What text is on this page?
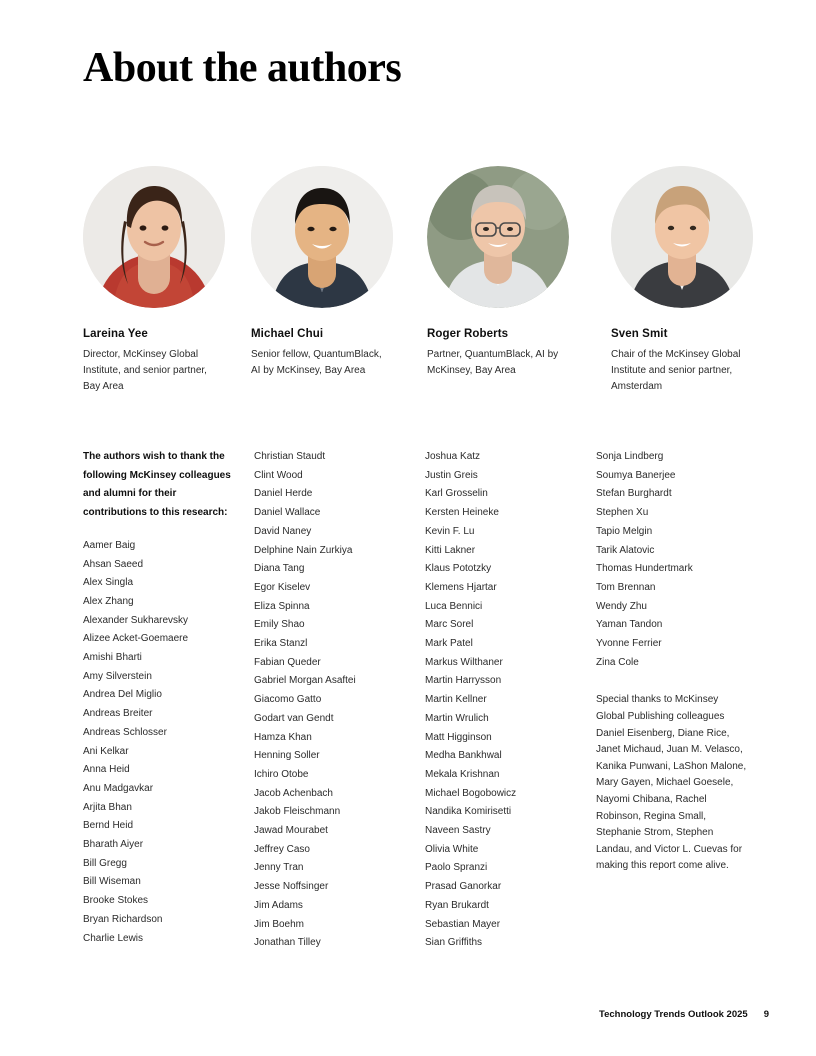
About the authors
Lareina Yee
Director, McKinsey Global Institute, and senior partner, Bay Area
Michael Chui
Senior fellow, QuantumBlack, AI by McKinsey, Bay Area
Roger Roberts
Partner, QuantumBlack, AI by McKinsey, Bay Area
Sven Smit
Chair of the McKinsey Global Institute and senior partner, Amsterdam
The authors wish to thank the following McKinsey colleagues and alumni for their contributions to this research:
Aamer Baig
Ahsan Saeed
Alex Singla
Alex Zhang
Alexander Sukharevsky
Alizee Acket-Goemaere
Amishi Bharti
Amy Silverstein
Andrea Del Miglio
Andreas Breiter
Andreas Schlosser
Ani Kelkar
Anna Heid
Anu Madgavkar
Arjita Bhan
Bernd Heid
Bharath Aiyer
Bill Gregg
Bill Wiseman
Brooke Stokes
Bryan Richardson
Charlie Lewis
Christian Staudt
Clint Wood
Daniel Herde
Daniel Wallace
David Naney
Delphine Nain Zurkiya
Diana Tang
Egor Kiselev
Eliza Spinna
Emily Shao
Erika Stanzl
Fabian Queder
Gabriel Morgan Asaftei
Giacomo Gatto
Godart van Gendt
Hamza Khan
Henning Soller
Ichiro Otobe
Jacob Achenbach
Jakob Fleischmann
Jawad Mourabet
Jeffrey Caso
Jenny Tran
Jesse Noffsinger
Jim Adams
Jim Boehm
Jonathan Tilley
Joshua Katz
Justin Greis
Karl Grosselin
Kersten Heineke
Kevin F. Lu
Kitti Lakner
Klaus Pototzky
Klemens Hjartar
Luca Bennici
Marc Sorel
Mark Patel
Markus Wilthaner
Martin Harrysson
Martin Kellner
Martin Wrulich
Matt Higginson
Medha Bankhwal
Mekala Krishnan
Michael Bogobowicz
Nandika Komirisetti
Naveen Sastry
Olivia White
Paolo Spranzi
Prasad Ganorkar
Ryan Brukardt
Sebastian Mayer
Sian Griffiths
Sonja Lindberg
Soumya Banerjee
Stefan Burghardt
Stephen Xu
Tapio Melgin
Tarik Alatovic
Thomas Hundertmark
Tom Brennan
Wendy Zhu
Yaman Tandon
Yvonne Ferrier
Zina Cole
Special thanks to McKinsey Global Publishing colleagues Daniel Eisenberg, Diane Rice, Janet Michaud, Juan M. Velasco, Kanika Punwani, LaShon Malone, Mary Gayen, Michael Goesele, Nayomi Chibana, Rachel Robinson, Regina Small, Stephanie Strom, Stephen Landau, and Victor L. Cuevas for making this report come alive.
Technology Trends Outlook 2025 9
